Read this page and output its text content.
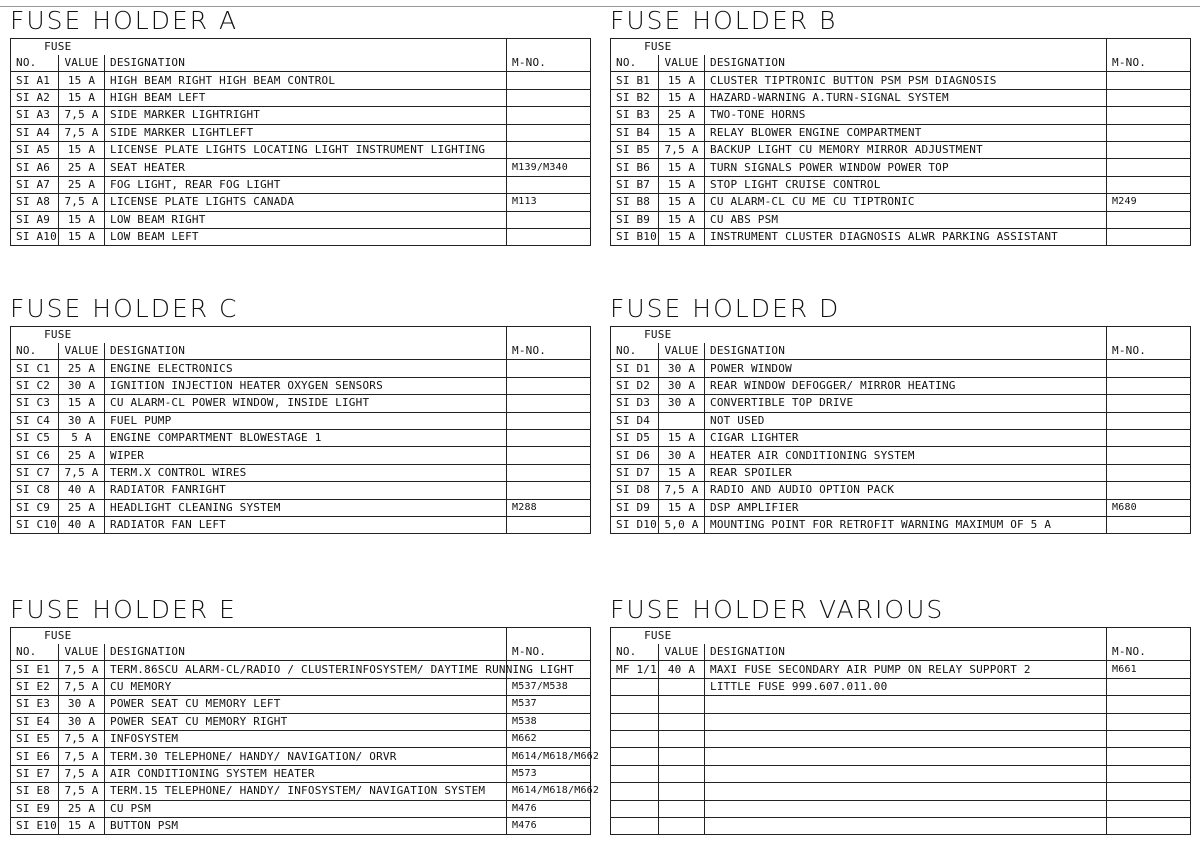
FUSE HOLDER A
FUSE			
NO.	VALUE	DESIGNATION	M-NO.
SI A1	15 A	HIGH BEAM RIGHT HIGH BEAM CONTROL	
SI A2	15 A	HIGH BEAM LEFT	
SI A3	7,5 A	SIDE MARKER LIGHTRIGHT	
SI A4	7,5 A	SIDE MARKER LIGHTLEFT	
SI A5	15 A	LICENSE PLATE LIGHTS LOCATING LIGHT INSTRUMENT LIGHTING	
SI A6	25 A	SEAT HEATER	M139/M340
SI A7	25 A	FOG LIGHT, REAR FOG LIGHT	
SI A8	7,5 A	LICENSE PLATE LIGHTS CANADA	M113
SI A9	15 A	LOW BEAM RIGHT	
SI A10	15 A	LOW BEAM LEFT	
FUSE HOLDER B
FUSE			
NO.	VALUE	DESIGNATION	M-NO.
SI B1	15 A	CLUSTER TIPTRONIC BUTTON PSM PSM DIAGNOSIS	
SI B2	15 A	HAZARD-WARNING A.TURN-SIGNAL SYSTEM	
SI B3	25 A	TWO-TONE HORNS	
SI B4	15 A	RELAY BLOWER ENGINE COMPARTMENT	
SI B5	7,5 A	BACKUP LIGHT CU MEMORY MIRROR ADJUSTMENT	
SI B6	15 A	TURN SIGNALS POWER WINDOW POWER TOP	
SI B7	15 A	STOP LIGHT CRUISE CONTROL	
SI B8	15 A	CU ALARM-CL CU ME CU TIPTRONIC	M249
SI B9	15 A	CU ABS PSM	
SI B10	15 A	INSTRUMENT CLUSTER DIAGNOSIS ALWR PARKING ASSISTANT	
FUSE HOLDER C
FUSE			
NO.	VALUE	DESIGNATION	M-NO.
SI C1	25 A	ENGINE ELECTRONICS	
SI C2	30 A	IGNITION INJECTION HEATER OXYGEN SENSORS	
SI C3	15 A	CU ALARM-CL POWER WINDOW, INSIDE LIGHT	
SI C4	30 A	FUEL PUMP	
SI C5	5 A	ENGINE COMPARTMENT BLOWESTAGE 1	
SI C6	25 A	WIPER	
SI C7	7,5 A	TERM.X CONTROL WIRES	
SI C8	40 A	RADIATOR FANRIGHT	
SI C9	25 A	HEADLIGHT CLEANING SYSTEM	M288
SI C10	40 A	RADIATOR FAN LEFT	
FUSE HOLDER D
FUSE			
NO.	VALUE	DESIGNATION	M-NO.
SI D1	30 A	POWER WINDOW	
SI D2	30 A	REAR WINDOW DEFOGGER/ MIRROR HEATING	
SI D3	30 A	CONVERTIBLE TOP DRIVE	
SI D4		NOT USED	
SI D5	15 A	CIGAR LIGHTER	
SI D6	30 A	HEATER AIR CONDITIONING SYSTEM	
SI D7	15 A	REAR SPOILER	
SI D8	7,5 A	RADIO AND AUDIO OPTION PACK	
SI D9	15 A	DSP AMPLIFIER	M680
SI D10	5,0 A	MOUNTING POINT FOR RETROFIT WARNING MAXIMUM OF 5 A	
FUSE HOLDER E
FUSE			
NO.	VALUE	DESIGNATION	M-NO.
SI E1	7,5 A	TERM.86SCU ALARM-CL/RADIO / CLUSTERINFOSYSTEM/ DAYTIME RUNNING LIGHT	
SI E2	7,5 A	CU MEMORY	M537/M538
SI E3	30 A	POWER SEAT CU MEMORY LEFT	M537
SI E4	30 A	POWER SEAT CU MEMORY RIGHT	M538
SI E5	7,5 A	INFOSYSTEM	M662
SI E6	7,5 A	TERM.30 TELEPHONE/ HANDY/ NAVIGATION/ ORVR	M614/M618/M662
SI E7	7,5 A	AIR CONDITIONING SYSTEM HEATER	M573
SI E8	7,5 A	TERM.15 TELEPHONE/ HANDY/ INFOSYSTEM/ NAVIGATION SYSTEM	M614/M618/M662
SI E9	25 A	CU PSM	M476
SI E10	15 A	BUTTON PSM	M476
FUSE HOLDER VARIOUS
FUSE			
NO.	VALUE	DESIGNATION	M-NO.
MF 1/1	40 A	MAXI FUSE SECONDARY AIR PUMP ON RELAY SUPPORT 2	M661
		LITTLE FUSE 999.607.011.00	
